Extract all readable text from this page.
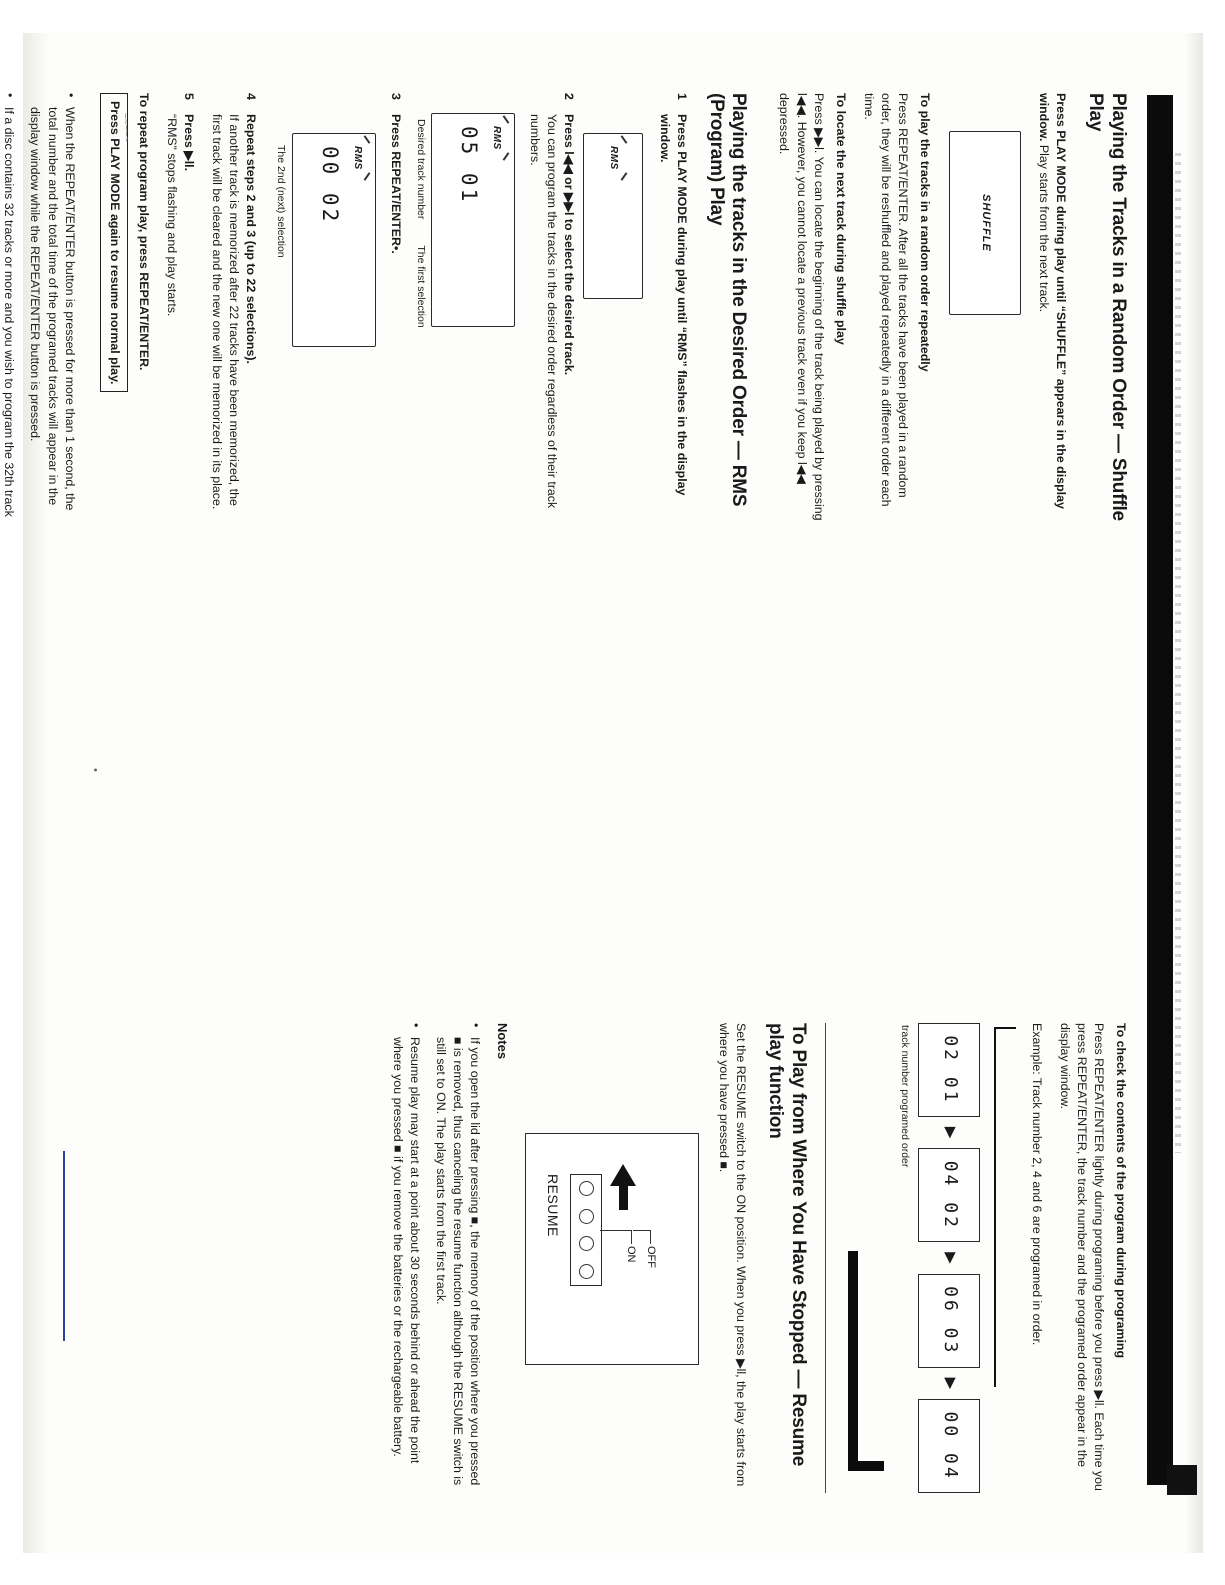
Playing the Tracks in a Random Order — Shuffle Play

Press PLAY MODE during play until “SHUFFLE” appears in the display window. Play starts from the next track.

SHUFFLE

To play the tracks in a random order repeatedly

Press REPEAT/ENTER. After all the tracks have been played in a random order, they will be reshuffled and played repeatedly in a different order each time.

To locate the next track during shuffle play

Press ▶▶l. You can locate the beginning of the track being played by pressing l◀◀. However, you cannot locate a previous track even if you keep l◀◀ depressed.

Playing the tracks in the Desired Order — RMS (Program) Play
1
Press PLAY MODE during play until “RMS” flashes in the display window.
RMS
2
Press l◀◀ or ▶▶l to select the desired track.
You can program the tracks in the desired order regardless of their track numbers.
RMS
05 01
Desired track number
The first selection
3
Press REPEAT/ENTER•.
RMS
00 02
The 2nd (next) selection
4
Repeat steps 2 and 3 (up to 22 selections).
If another track is memorized after 22 tracks have been memorized, the first track will be cleared and the new one will be memorized in its place.
5
Press ▶ll.
“RMS” stops flashing and play starts.

To repeat program play, press REPEAT/ENTER.

Press PLAY MODE again to resume normal play.
• When the REPEAT/ENTER button is pressed for more than 1 second, the total number and the total time of the programed tracks will appear in the display window while the REPEAT/ENTER button is pressed.
• If a disc contains 32 tracks or more and you wish to program the 32th track

To check the contents of the program during programing

Press REPEAT/ENTER lightly during programing before you press ▶ll. Each time you press REPEAT/ENTER, the track number and the programed order appear in the display window.

Example: Track number 2, 4 and 6 are programed in order.

02 01
▶
04 02
▶
06 03
▶
00 04
track number programed order
To Play from Where You Have Stopped — Resume play function

Set the RESUME switch to the ON position. When you press ▶ll, the play starts from where you have pressed ■.

OFF
ON
RESUME
Notes
• If you open the lid after pressing ■, the memory of the position where you pressed ■ is removed, thus canceling the resume function although the RESUME switch is still set to ON. The play starts from the first track.
• Resume play may start at a point about 30 seconds behind or ahead the point where you pressed ■ if you remove the batteries or the rechargeable battery.
~~~~~
•
